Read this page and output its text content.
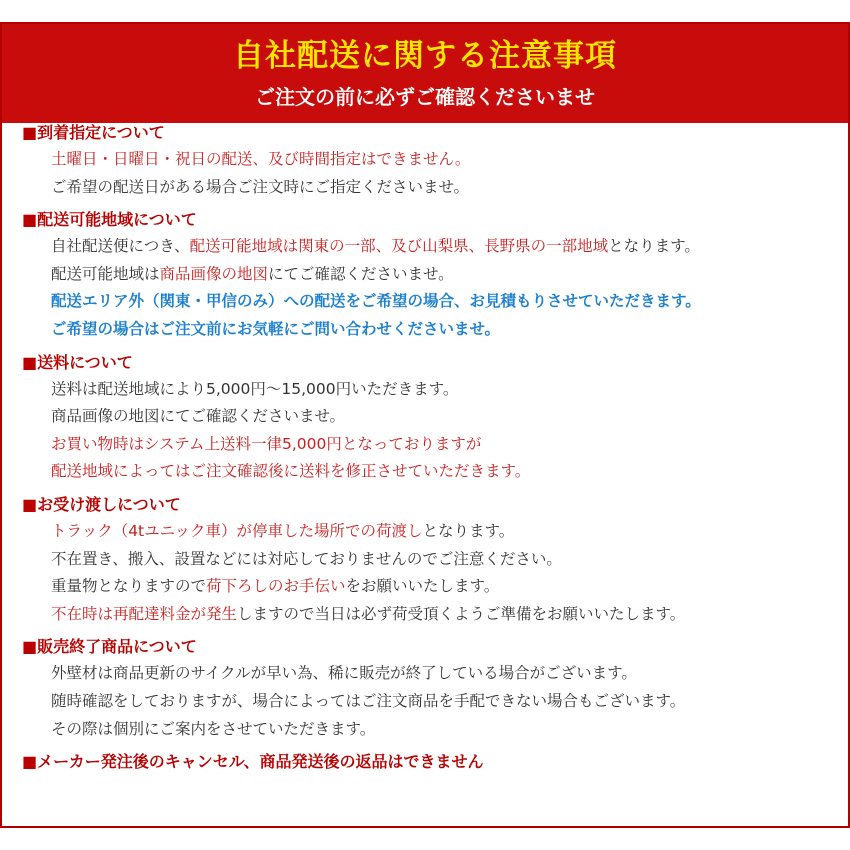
自社配送に関する注意事項
ご注文の前に必ずご確認くださいませ
■到着指定について
土曜日・日曜日・祝日の配送、及び時間指定はできません。
ご希望の配送日がある場合ご注文時にご指定くださいませ。
■配送可能地域について
自社配送便につき、配送可能地域は関東の一部、及び山梨県、長野県の一部地域となります。
配送可能地域は商品画像の地図にてご確認くださいませ。
配送エリア外（関東・甲信のみ）への配送をご希望の場合、お見積もりさせていただきます。
ご希望の場合はご注文前にお気軽にご問い合わせくださいませ。
■送料について
送料は配送地域により5,000円～15,000円いただきます。
商品画像の地図にてご確認くださいませ。
お買い物時はシステム上送料一律5,000円となっておりますが
配送地域によってはご注文確認後に送料を修正させていただきます。
■お受け渡しについて
トラック（4tユニック車）が停車した場所での荷渡しとなります。
不在置き、搬入、設置などには対応しておりませんのでご注意ください。
重量物となりますので荷下ろしのお手伝いをお願いいたします。
不在時は再配達料金が発生しますので当日は必ず荷受頂くようご準備をお願いいたします。
■販売終了商品について
外壁材は商品更新のサイクルが早い為、稀に販売が終了している場合がございます。
随時確認をしておりますが、場合によってはご注文商品を手配できない場合もございます。
その際は個別にご案内をさせていただきます。
■メーカー発注後のキャンセル、商品発送後の返品はできません
